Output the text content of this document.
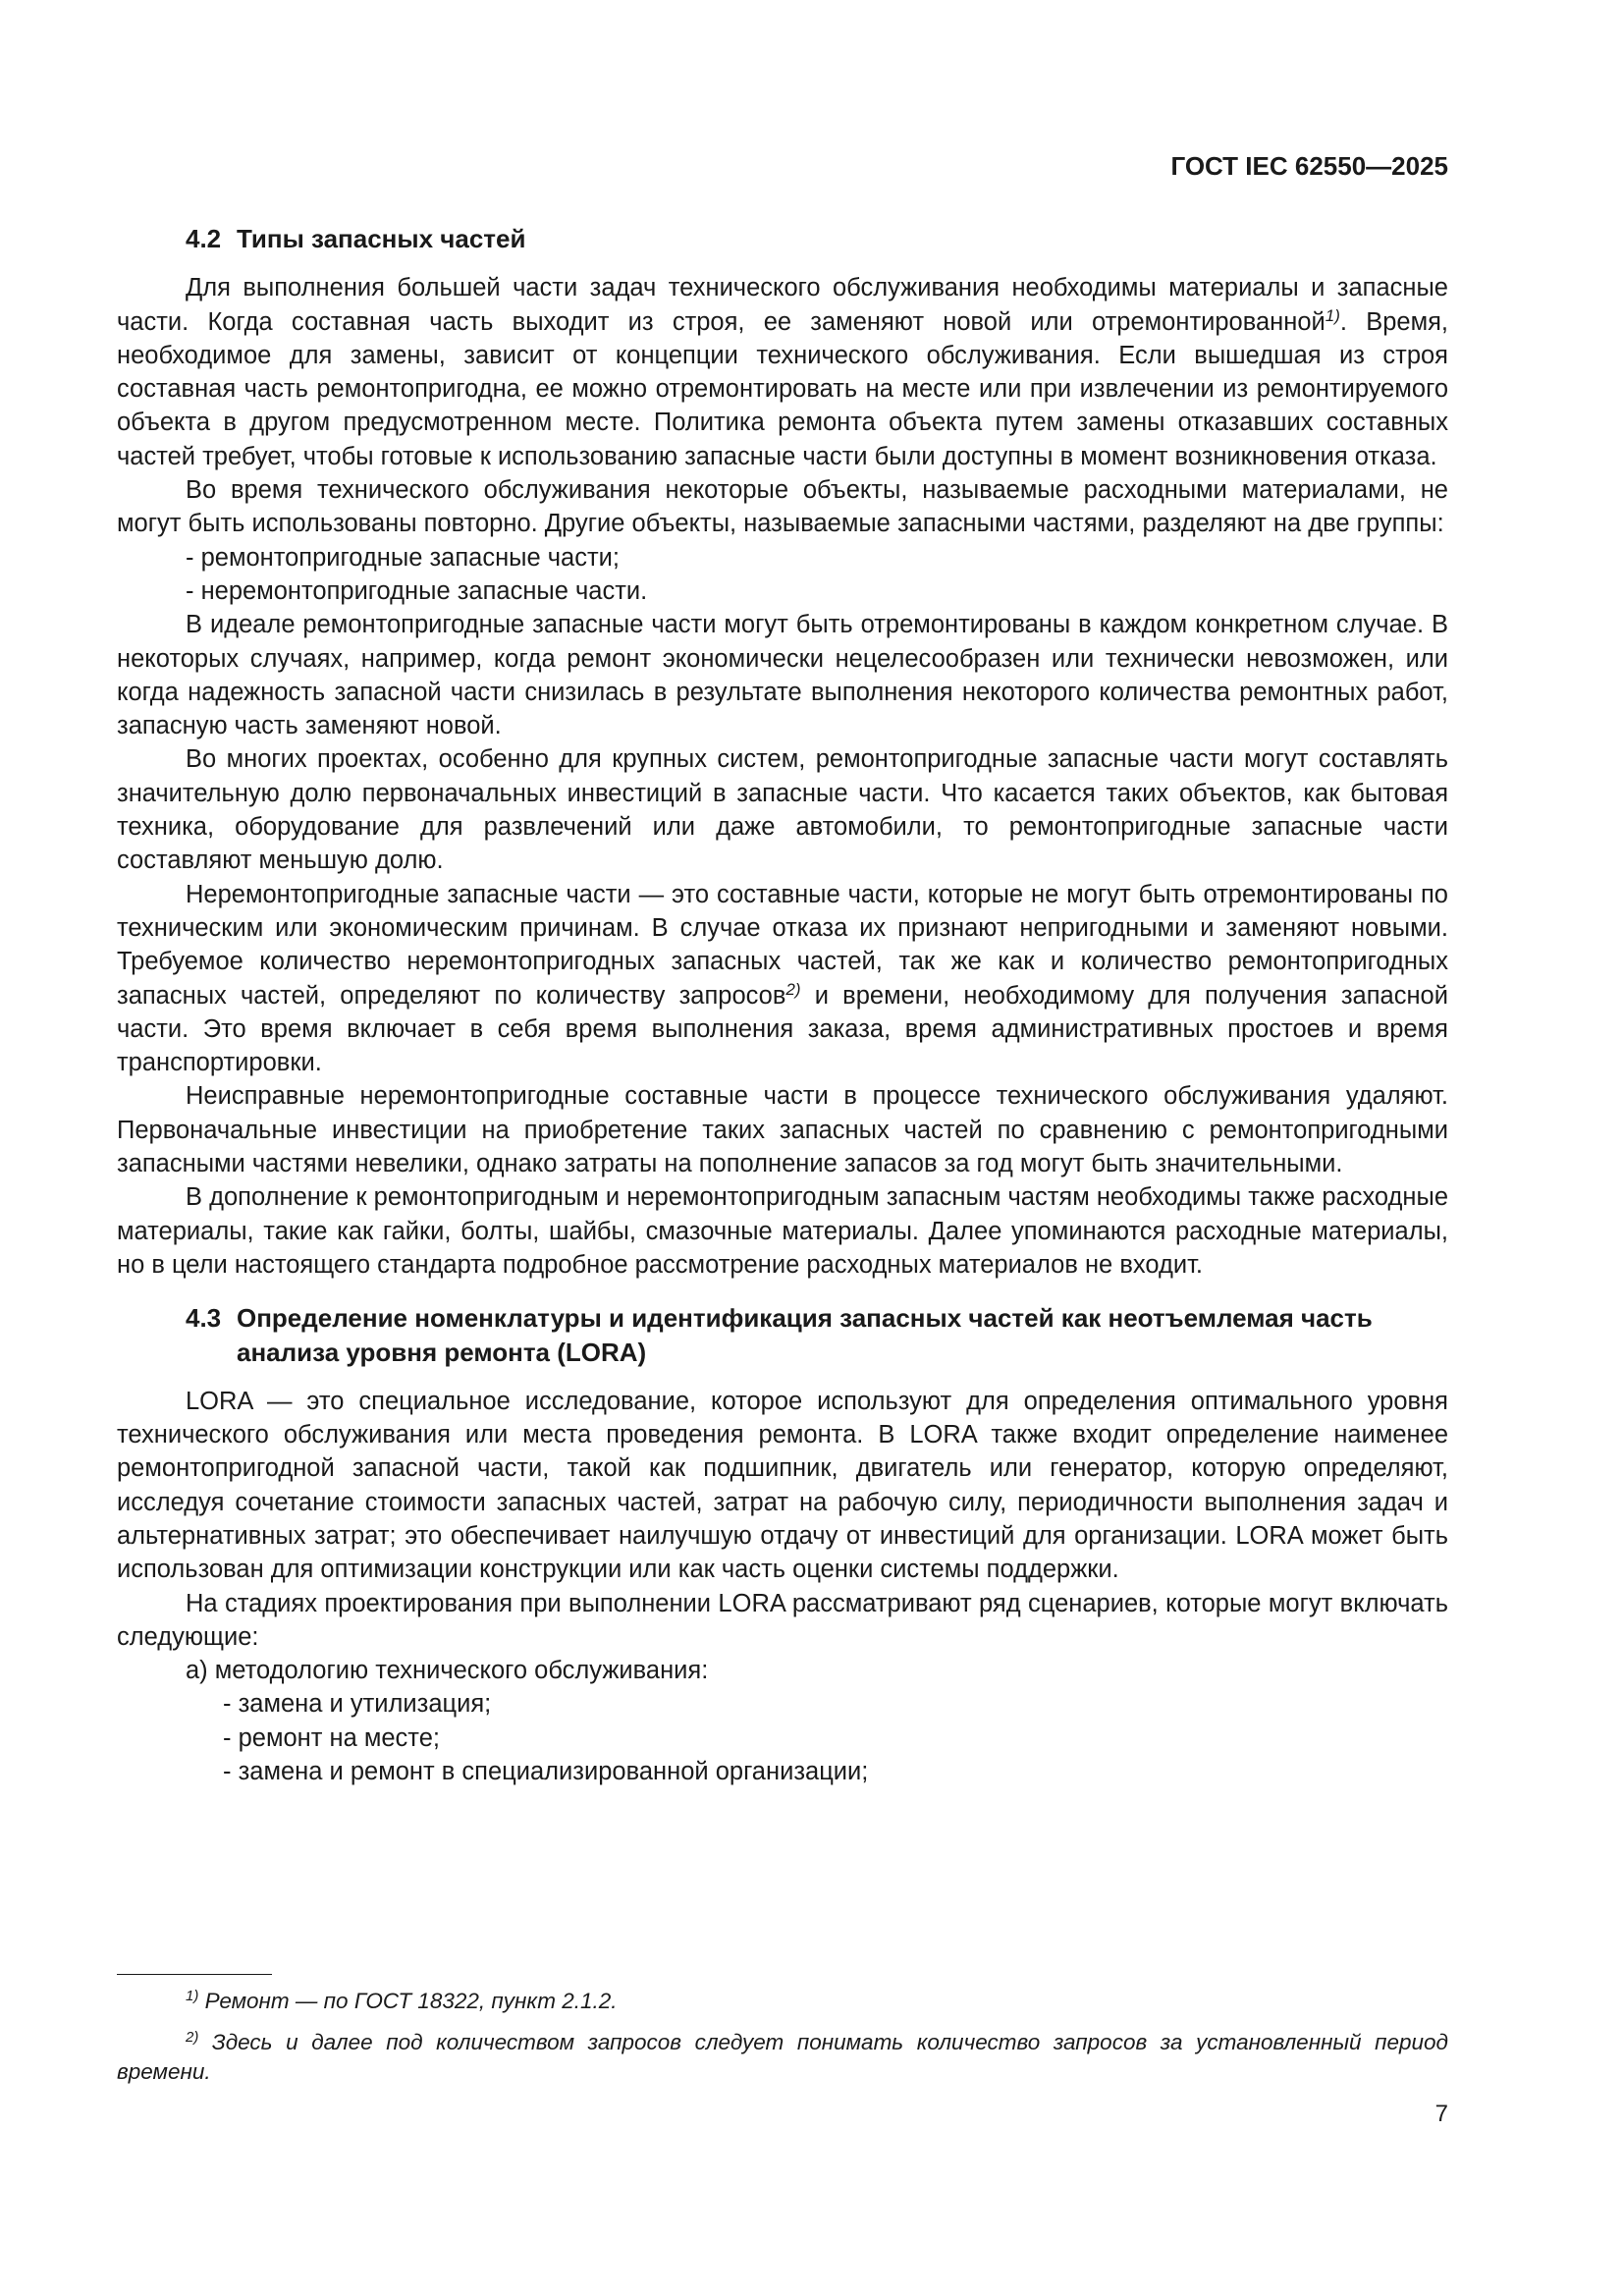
ГОСТ IEC 62550—2025
4.2 Типы запасных частей

Для выполнения большей части задач технического обслуживания необходимы материалы и запасные части. Когда составная часть выходит из строя, ее заменяют новой или отремонтированной$^{1)}$. Время, необходимое для замены, зависит от концепции технического обслуживания. Если вышедшая из строя составная часть ремонтопригодна, ее можно отремонтировать на месте или при извлечении из ремонтируемого объекта в другом предусмотренном месте. Политика ремонта объекта путем замены отказавших составных частей требует, чтобы готовые к использованию запасные части были доступны в момент возникновения отказа.

Во время технического обслуживания некоторые объекты, называемые расходными материалами, не могут быть использованы повторно. Другие объекты, называемые запасными частями, разделяют на две группы:

- ремонтопригодные запасные части;
- неремонтопригодные запасные части.

В идеале ремонтопригодные запасные части могут быть отремонтированы в каждом конкретном случае. В некоторых случаях, например, когда ремонт экономически нецелесообразен или технически невозможен, или когда надежность запасной части снизилась в результате выполнения некоторого количества ремонтных работ, запасную часть заменяют новой.

Во многих проектах, особенно для крупных систем, ремонтопригодные запасные части могут составлять значительную долю первоначальных инвестиций в запасные части. Что касается таких объектов, как бытовая техника, оборудование для развлечений или даже автомобили, то ремонтопригодные запасные части составляют меньшую долю.

Неремонтопригодные запасные части — это составные части, которые не могут быть отремонтированы по техническим или экономическим причинам. В случае отказа их признают непригодными и заменяют новыми. Требуемое количество неремонтопригодных запасных частей, так же как и количество ремонтопригодных запасных частей, определяют по количеству запросов$^{2)}$ и времени, необходимому для получения запасной части. Это время включает в себя время выполнения заказа, время административных простоев и время транспортировки.

Неисправные неремонтопригодные составные части в процессе технического обслуживания удаляют. Первоначальные инвестиции на приобретение таких запасных частей по сравнению с ремонтопригодными запасными частями невелики, однако затраты на пополнение запасов за год могут быть значительными.

В дополнение к ремонтопригодным и неремонтопригодным запасным частям необходимы также расходные материалы, такие как гайки, болты, шайбы, смазочные материалы. Далее упоминаются расходные материалы, но в цели настоящего стандарта подробное рассмотрение расходных материалов не входит.

4.3 Определение номенклатуры и идентификация запасных частей как неотъемлемая часть анализа уровня ремонта (LORA)

LORA — это специальное исследование, которое используют для определения оптимального уровня технического обслуживания или места проведения ремонта. В LORA также входит определение наименее ремонтопригодной запасной части, такой как подшипник, двигатель или генератор, которую определяют, исследуя сочетание стоимости запасных частей, затрат на рабочую силу, периодичности выполнения задач и альтернативных затрат; это обеспечивает наилучшую отдачу от инвестиций для организации. LORA может быть использован для оптимизации конструкции или как часть оценки системы поддержки.

На стадиях проектирования при выполнении LORA рассматривают ряд сценариев, которые могут включать следующие:

а) методологию технического обслуживания:
- замена и утилизация;
- ремонт на месте;
- замена и ремонт в специализированной организации;

$^{1)}$ Ремонт — по ГОСТ 18322, пункт 2.1.2.

$^{2)}$ Здесь и далее под количеством запросов следует понимать количество запросов за установленный период времени.

7
